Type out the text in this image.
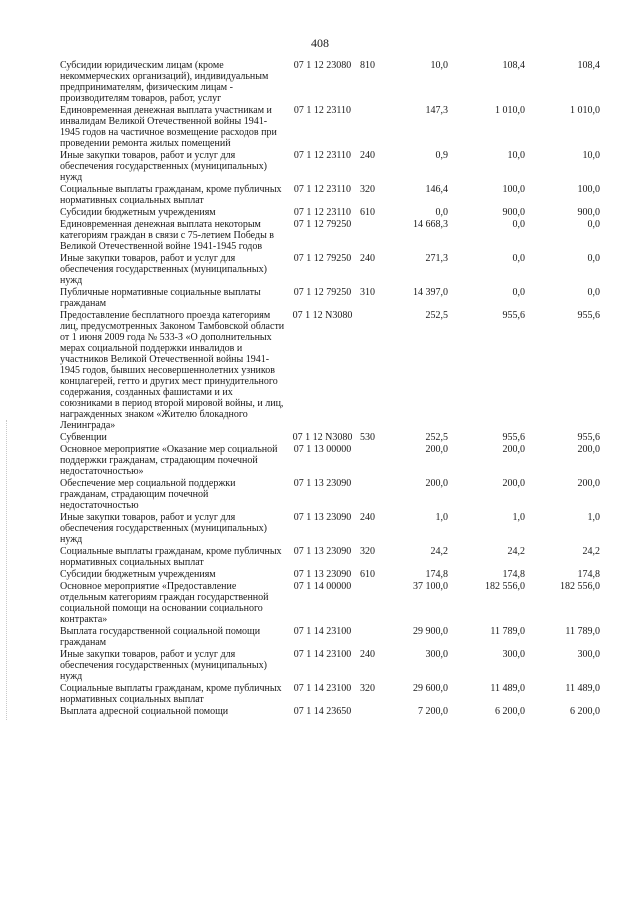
408
Субсидии юридическим лицам (кроме некоммерческих организаций), индивидуальным предпринимателям, физическим лицам - производителям товаров, работ, услуг	07 1 12 23080	810	10,0	108,4	108,4
Единовременная денежная выплата участникам и инвалидам Великой Отечественной войны 1941-1945 годов на частичное возмещение расходов при проведении ремонта жилых помещений	07 1 12 23110		147,3	1 010,0	1 010,0
Иные закупки товаров, работ и услуг для обеспечения государственных (муниципальных) нужд	07 1 12 23110	240	0,9	10,0	10,0
Социальные выплаты гражданам, кроме публичных нормативных социальных выплат	07 1 12 23110	320	146,4	100,0	100,0
Субсидии бюджетным учреждениям	07 1 12 23110	610	0,0	900,0	900,0
Единовременная денежная выплата некоторым категориям граждан в связи с 75-летием Победы в Великой Отечественной войне 1941-1945 годов	07 1 12 79250		14 668,3	0,0	0,0
Иные закупки товаров, работ и услуг для обеспечения государственных (муниципальных) нужд	07 1 12 79250	240	271,3	0,0	0,0
Публичные нормативные социальные выплаты гражданам	07 1 12 79250	310	14 397,0	0,0	0,0
Предоставление бесплатного проезда категориям лиц, предусмотренных Законом Тамбовской области от 1 июня 2009 года № 533-З «О дополнительных мерах социальной поддержки инвалидов и участников Великой Отечественной войны 1941-1945 годов, бывших несовершеннолетних узников концлагерей, гетто и других мест принудительного содержания, созданных фашистами и их союзниками в период второй мировой войны, и лиц, награжденных знаком «Жителю блокадного Ленинграда»	07 1 12 N3080		252,5	955,6	955,6
Субвенции	07 1 12 N3080	530	252,5	955,6	955,6
Основное мероприятие «Оказание мер социальной поддержки гражданам, страдающим почечной недостаточностью»	07 1 13 00000		200,0	200,0	200,0
Обеспечение мер социальной поддержки гражданам, страдающим почечной недостаточностью	07 1 13 23090		200,0	200,0	200,0
Иные закупки товаров, работ и услуг для обеспечения государственных (муниципальных) нужд	07 1 13 23090	240	1,0	1,0	1,0
Социальные выплаты гражданам, кроме публичных нормативных социальных выплат	07 1 13 23090	320	24,2	24,2	24,2
Субсидии бюджетным учреждениям	07 1 13 23090	610	174,8	174,8	174,8
Основное мероприятие «Предоставление отдельным категориям граждан государственной социальной помощи на основании социального контракта»	07 1 14 00000		37 100,0	182 556,0	182 556,0
Выплата государственной социальной помощи гражданам	07 1 14 23100		29 900,0	11 789,0	11 789,0
Иные закупки товаров, работ и услуг для обеспечения государственных (муниципальных) нужд	07 1 14 23100	240	300,0	300,0	300,0
Социальные выплаты гражданам, кроме публичных нормативных социальных выплат	07 1 14 23100	320	29 600,0	11 489,0	11 489,0
Выплата адресной социальной помощи	07 1 14 23650		7 200,0	6 200,0	6 200,0
